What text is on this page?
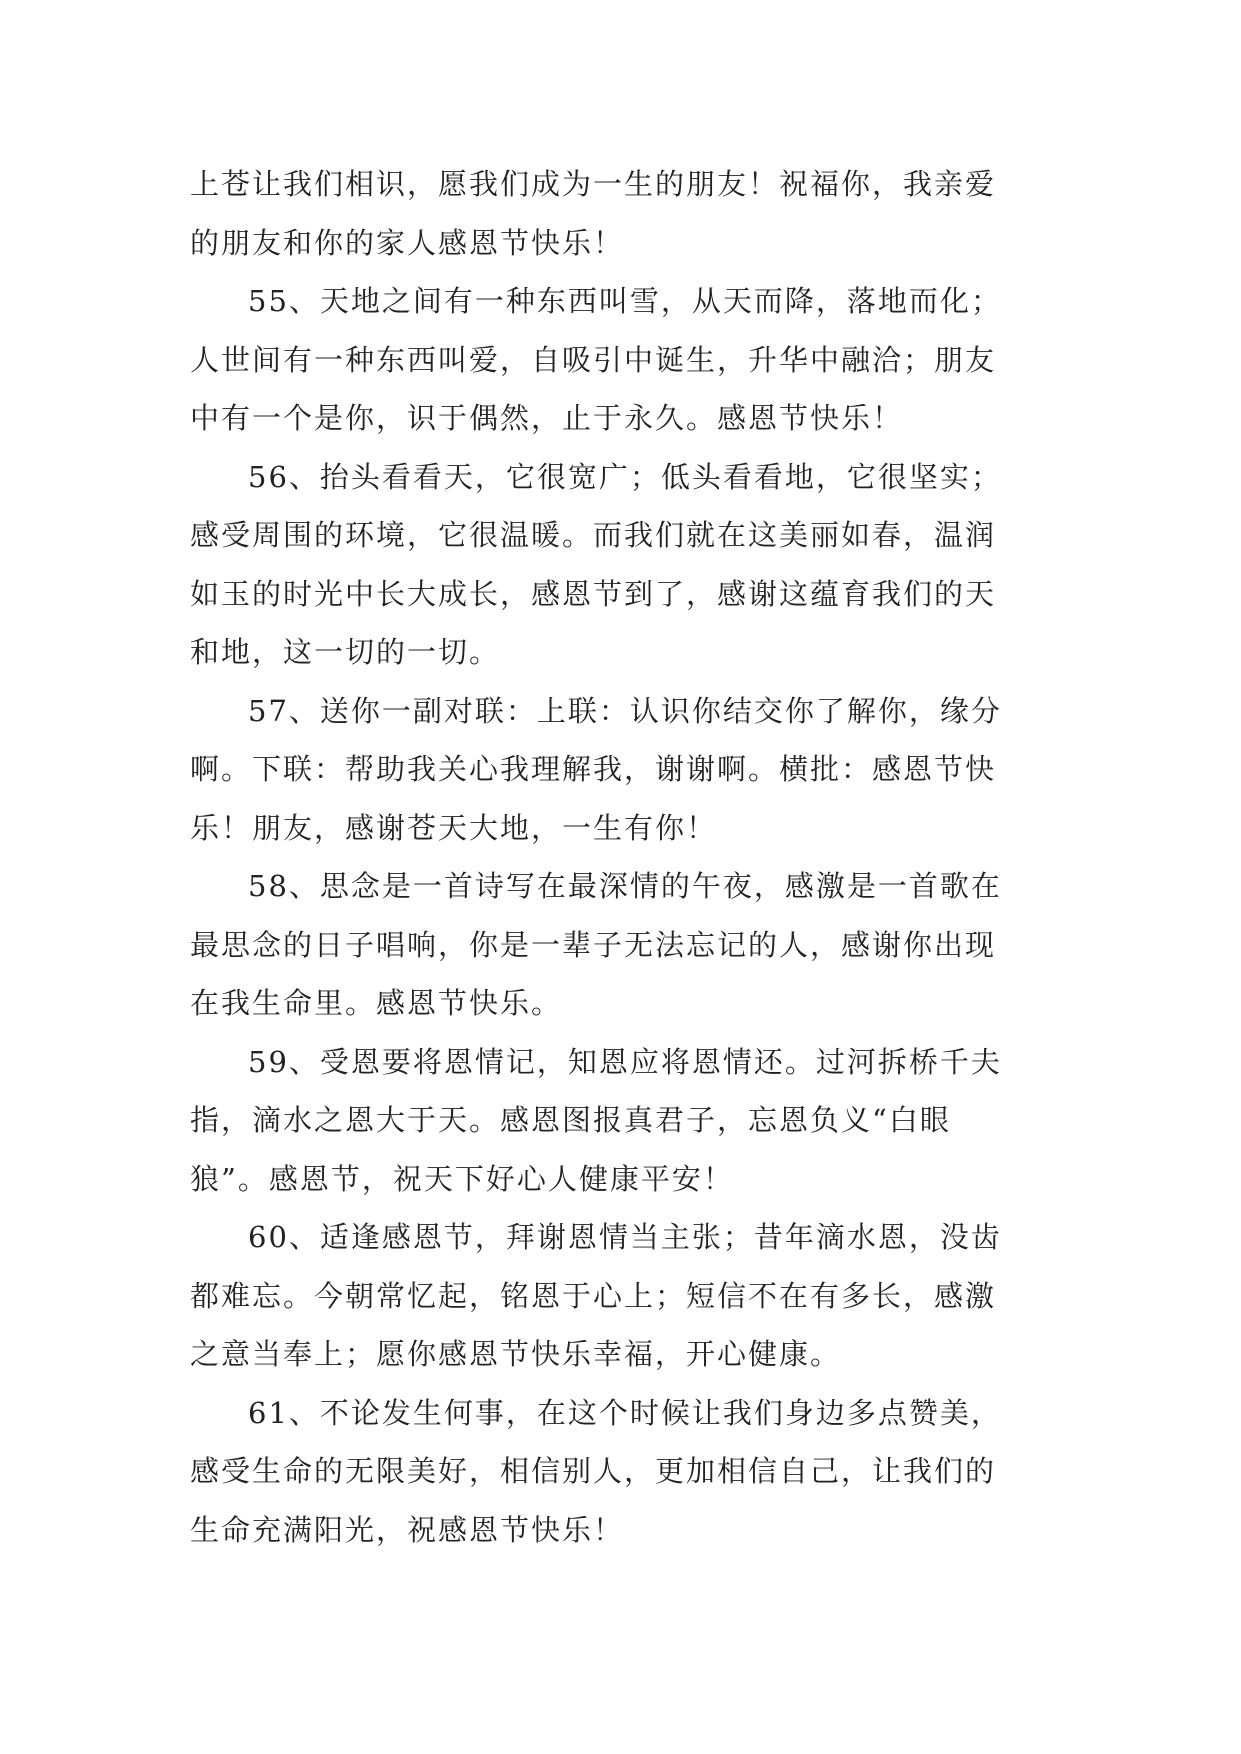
上苍让我们相识，愿我们成为一生的朋友！祝福你，我亲爱
的朋友和你的家人感恩节快乐！
55、天地之间有一种东西叫雪，从天而降，落地而化；
人世间有一种东西叫爱，自吸引中诞生，升华中融洽；朋友
中有一个是你，识于偶然，止于永久。感恩节快乐！
56、抬头看看天，它很宽广；低头看看地，它很坚实；
感受周围的环境，它很温暖。而我们就在这美丽如春，温润
如玉的时光中长大成长，感恩节到了，感谢这蕴育我们的天
和地，这一切的一切。
57、送你一副对联：上联：认识你结交你了解你，缘分
啊。下联：帮助我关心我理解我，谢谢啊。横批：感恩节快
乐！朋友，感谢苍天大地，一生有你！
58、思念是一首诗写在最深情的午夜，感激是一首歌在
最思念的日子唱响，你是一辈子无法忘记的人，感谢你出现
在我生命里。感恩节快乐。
59、受恩要将恩情记，知恩应将恩情还。过河拆桥千夫
指，滴水之恩大于天。感恩图报真君子，忘恩负义“白眼
狼”。感恩节，祝天下好心人健康平安！
60、适逢感恩节，拜谢恩情当主张；昔年滴水恩，没齿
都难忘。今朝常忆起，铭恩于心上；短信不在有多长，感激
之意当奉上；愿你感恩节快乐幸福，开心健康。
61、不论发生何事，在这个时候让我们身边多点赞美，
感受生命的无限美好，相信别人，更加相信自己，让我们的
生命充满阳光，祝感恩节快乐！
